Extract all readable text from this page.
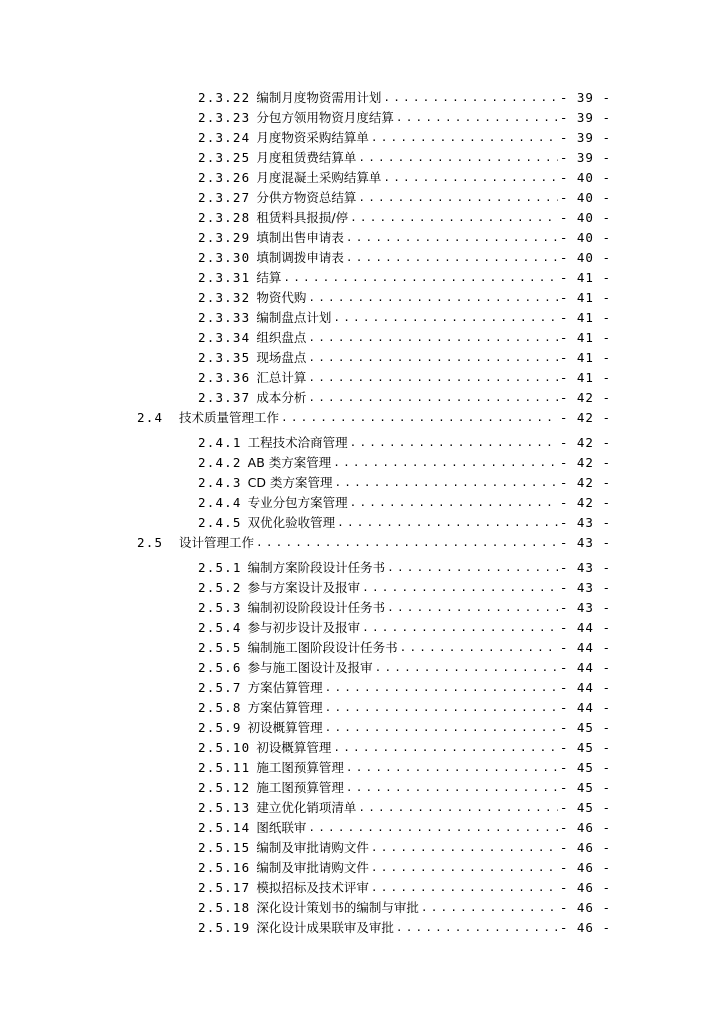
2.3.22 编制月度物资需用计划 .....	- 39 -
2.3.23 分包方领用物资月度结算 .....	- 39 -
2.3.24 月度物资采购结算单 .....	- 39 -
2.3.25 月度租赁费结算单 .....	- 39 -
2.3.26 月度混凝土采购结算单 .....	- 40 -
2.3.27 分供方物资总结算 .....	- 40 -
2.3.28 租赁料具报损/停 .....	- 40 -
2.3.29 填制出售申请表 .....	- 40 -
2.3.30 填制调拨申请表 .....	- 40 -
2.3.31 结算 .....	- 41 -
2.3.32 物资代购 .....	- 41 -
2.3.33 编制盘点计划 .....	- 41 -
2.3.34 组织盘点 .....	- 41 -
2.3.35 现场盘点 .....	- 41 -
2.3.36 汇总计算 .....	- 41 -
2.3.37 成本分析 .....	- 42 -
2.4	技术质量管理工作 .....	- 42 -
2.4.1 工程技术洽商管理 .....	- 42 -
2.4.2 AB 类方案管理 .....	- 42 -
2.4.3 CD 类方案管理 .....	- 42 -
2.4.4 专业分包方案管理 .....	- 42 -
2.4.5 双优化验收管理 .....	- 43 -
2.5	设计管理工作 .....	- 43 -
2.5.1 编制方案阶段设计任务书 .....	- 43 -
2.5.2 参与方案设计及报审 .....	- 43 -
2.5.3 编制初设阶段设计任务书 .....	- 43 -
2.5.4 参与初步设计及报审 .....	- 44 -
2.5.5 编制施工图阶段设计任务书 .....	- 44 -
2.5.6 参与施工图设计及报审 .....	- 44 -
2.5.7 方案估算管理 .....	- 44 -
2.5.8 方案估算管理 .....	- 44 -
2.5.9 初设概算管理 .....	- 45 -
2.5.10 初设概算管理 .....	- 45 -
2.5.11 施工图预算管理 .....	- 45 -
2.5.12 施工图预算管理 .....	- 45 -
2.5.13 建立优化销项清单 .....	- 45 -
2.5.14 图纸联审 .....	- 46 -
2.5.15 编制及审批请购文件 .....	- 46 -
2.5.16 编制及审批请购文件 .....	- 46 -
2.5.17 模拟招标及技术评审 .....	- 46 -
2.5.18 深化设计策划书的编制与审批 .....	- 46 -
2.5.19 深化设计成果联审及审批 .....	- 46 -
